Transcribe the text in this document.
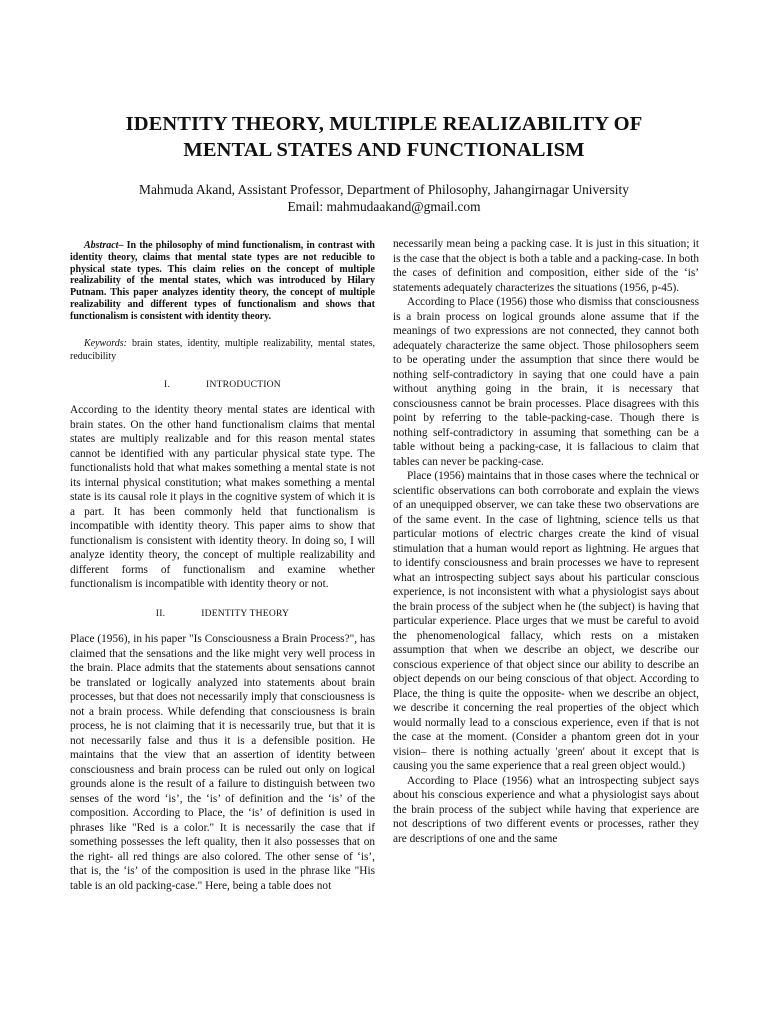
IDENTITY THEORY, MULTIPLE REALIZABILITY OF
MENTAL STATES AND FUNCTIONALISM
Mahmuda Akand, Assistant Professor, Department of Philosophy, Jahangirnagar University
Email: mahmudaakand@gmail.com

Abstract– In the philosophy of mind functionalism, in contrast with identity theory, claims that mental state types are not reducible to physical state types. This claim relies on the concept of multiple realizability of the mental states, which was introduced by Hilary Putnam. This paper analyzes identity theory, the concept of multiple realizability and different types of functionalism and shows that functionalism is consistent with identity theory.

Keywords: brain states, identity, multiple realizability, mental states, reducibility

I.	INTRODUCTION

According to the identity theory mental states are identical with brain states. On the other hand functionalism claims that mental states are multiply realizable and for this reason mental states cannot be identified with any particular physical state type. The functionalists hold that what makes something a mental state is not its internal physical constitution; what makes something a mental state is its causal role it plays in the cognitive system of which it is a part. It has been commonly held that functionalism is incompatible with identity theory. This paper aims to show that functionalism is consistent with identity theory. In doing so, I will analyze identity theory, the concept of multiple realizability and different forms of functionalism and examine whether functionalism is incompatible with identity theory or not.

II.	IDENTITY THEORY

Place (1956), in his paper "Is Consciousness a Brain Process?", has claimed that the sensations and the like might very well process in the brain. Place admits that the statements about sensations cannot be translated or logically analyzed into statements about brain processes, but that does not necessarily imply that consciousness is not a brain process. While defending that consciousness is brain process, he is not claiming that it is necessarily true, but that it is not necessarily false and thus it is a defensible position. He maintains that the view that an assertion of identity between consciousness and brain process can be ruled out only on logical grounds alone is the result of a failure to distinguish between two senses of the word ‘is’, the ‘is’ of definition and the ‘is’ of the composition. According to Place, the ‘is’ of definition is used in phrases like "Red is a color." It is necessarily the case that if something possesses the left quality, then it also possesses that on the right- all red things are also colored. The other sense of ‘is’, that is, the ‘is’ of the composition is used in the phrase like "His table is an old packing-case." Here, being a table does not

necessarily mean being a packing case. It is just in this situation; it is the case that the object is both a table and a packing-case. In both the cases of definition and composition, either side of the ‘is’ statements adequately characterizes the situations (1956, p-45).

According to Place (1956) those who dismiss that consciousness is a brain process on logical grounds alone assume that if the meanings of two expressions are not connected, they cannot both adequately characterize the same object. Those philosophers seem to be operating under the assumption that since there would be nothing self-contradictory in saying that one could have a pain without anything going in the brain, it is necessary that consciousness cannot be brain processes. Place disagrees with this point by referring to the table-packing-case. Though there is nothing self-contradictory in assuming that something can be a table without being a packing-case, it is fallacious to claim that tables can never be packing-case.

Place (1956) maintains that in those cases where the technical or scientific observations can both corroborate and explain the views of an unequipped observer, we can take these two observations are of the same event. In the case of lightning, science tells us that particular motions of electric charges create the kind of visual stimulation that a human would report as lightning. He argues that to identify consciousness and brain processes we have to represent what an introspecting subject says about his particular conscious experience, is not inconsistent with what a physiologist says about the brain process of the subject when he (the subject) is having that particular experience. Place urges that we must be careful to avoid the phenomenological fallacy, which rests on a mistaken assumption that when we describe an object, we describe our conscious experience of that object since our ability to describe an object depends on our being conscious of that object. According to Place, the thing is quite the opposite- when we describe an object, we describe it concerning the real properties of the object which would normally lead to a conscious experience, even if that is not the case at the moment. (Consider a phantom green dot in your vision– there is nothing actually 'green' about it except that is causing you the same experience that a real green object would.)

According to Place (1956) what an introspecting subject says about his conscious experience and what a physiologist says about the brain process of the subject while having that experience are not descriptions of two different events or processes, rather they are descriptions of one and the same
